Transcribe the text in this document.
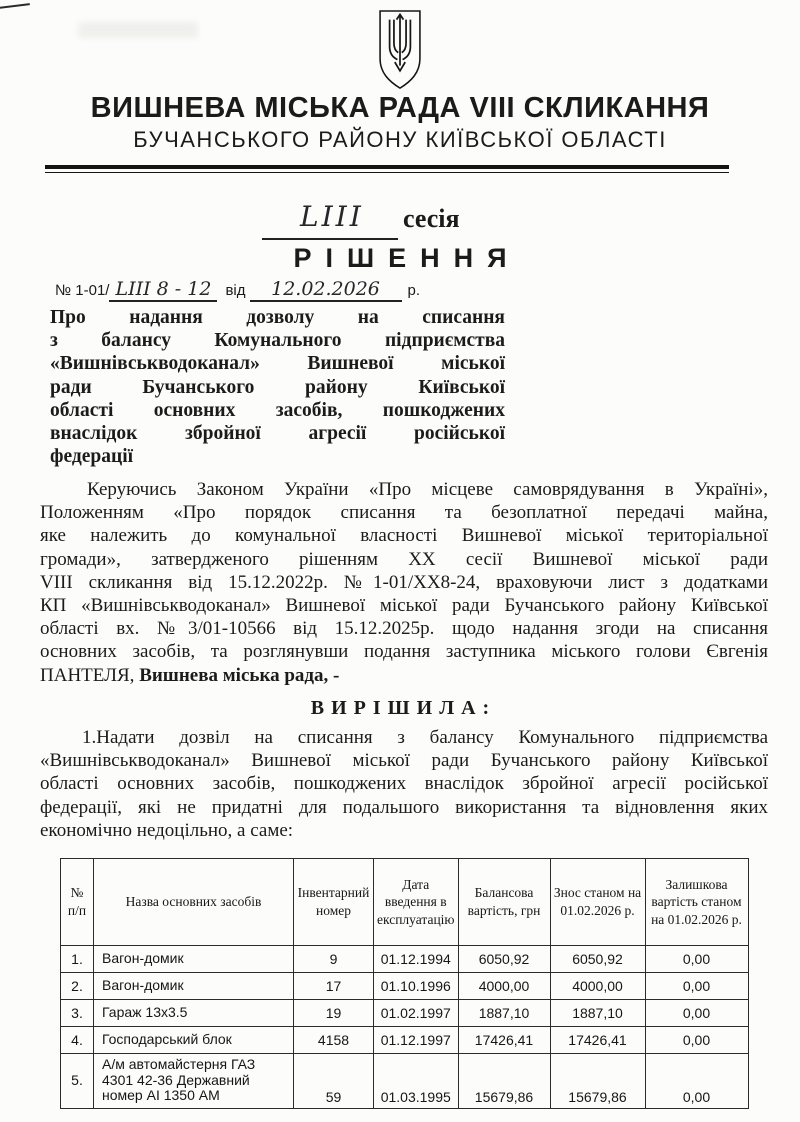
ВИШНЕВА МІСЬКА РАДА VIII СКЛИКАННЯ
БУЧАНСЬКОГО РАЙОНУ КИЇВСЬКОЇ ОБЛАСТІ
LIII сесія
РІШЕННЯ
№ 1-01/ LIII 8 - 12 від 12.02.2026 р.
Про надання дозволу на списання
з балансу Комунального підприємства
«Вишнівськводоканал» Вишневої міської
ради Бучанського району Київської
області основних засобів, пошкоджених
внаслідок збройної агресії російської
федерації
Керуючись Законом України «Про місцеве самоврядування в Україні»,
Положенням «Про порядок списання та безоплатної передачі майна,
яке належить до комунальної власності Вишневої міської територіальної
громади», затвердженого рішенням ХХ сесії Вишневої міської ради
VIII скликання від 15.12.2022р. №1-01/ХХ8-24, враховуючи лист з додатками
КП «Вишнівськводоканал» Вишневої міської ради Бучанського району Київської
області вх. №3/01-10566 від 15.12.2025р. щодо надання згоди на списання
основних засобів, та розглянувши подання заступника міського голови Євгенія
ПАНТЕЛЯ, Вишнева міська рада, -
ВИРІШИЛА:
1.Надати дозвіл на списання з балансу Комунального підприємства
«Вишнівськводоканал» Вишневої міської ради Бучанського району Київської
області основних засобів, пошкоджених внаслідок збройної агресії російської
федерації, які не придатні для подальшого використання та відновлення яких
економічно недоцільно, а саме:
№ п/п	Назва основних засобів	Інвентарний номер	Дата введення в експлуатацію	Балансова вартість, грн	Знос станом на 01.02.2026 р.	Залишкова вартість станом на 01.02.2026 р.
1.	Вагон-домик	9	01.12.1994	6050,92	6050,92	0,00
2.	Вагон-домик	17	01.10.1996	4000,00	4000,00	0,00
3.	Гараж 13х3.5	19	01.02.1997	1887,10	1887,10	0,00
4.	Господарський блок	4158	01.12.1997	17426,41	17426,41	0,00
5.	А/м автомайстерня ГАЗ 4301 42-36 Державний номер АІ 1350 АМ	59	01.03.1995	15679,86	15679,86	0,00
